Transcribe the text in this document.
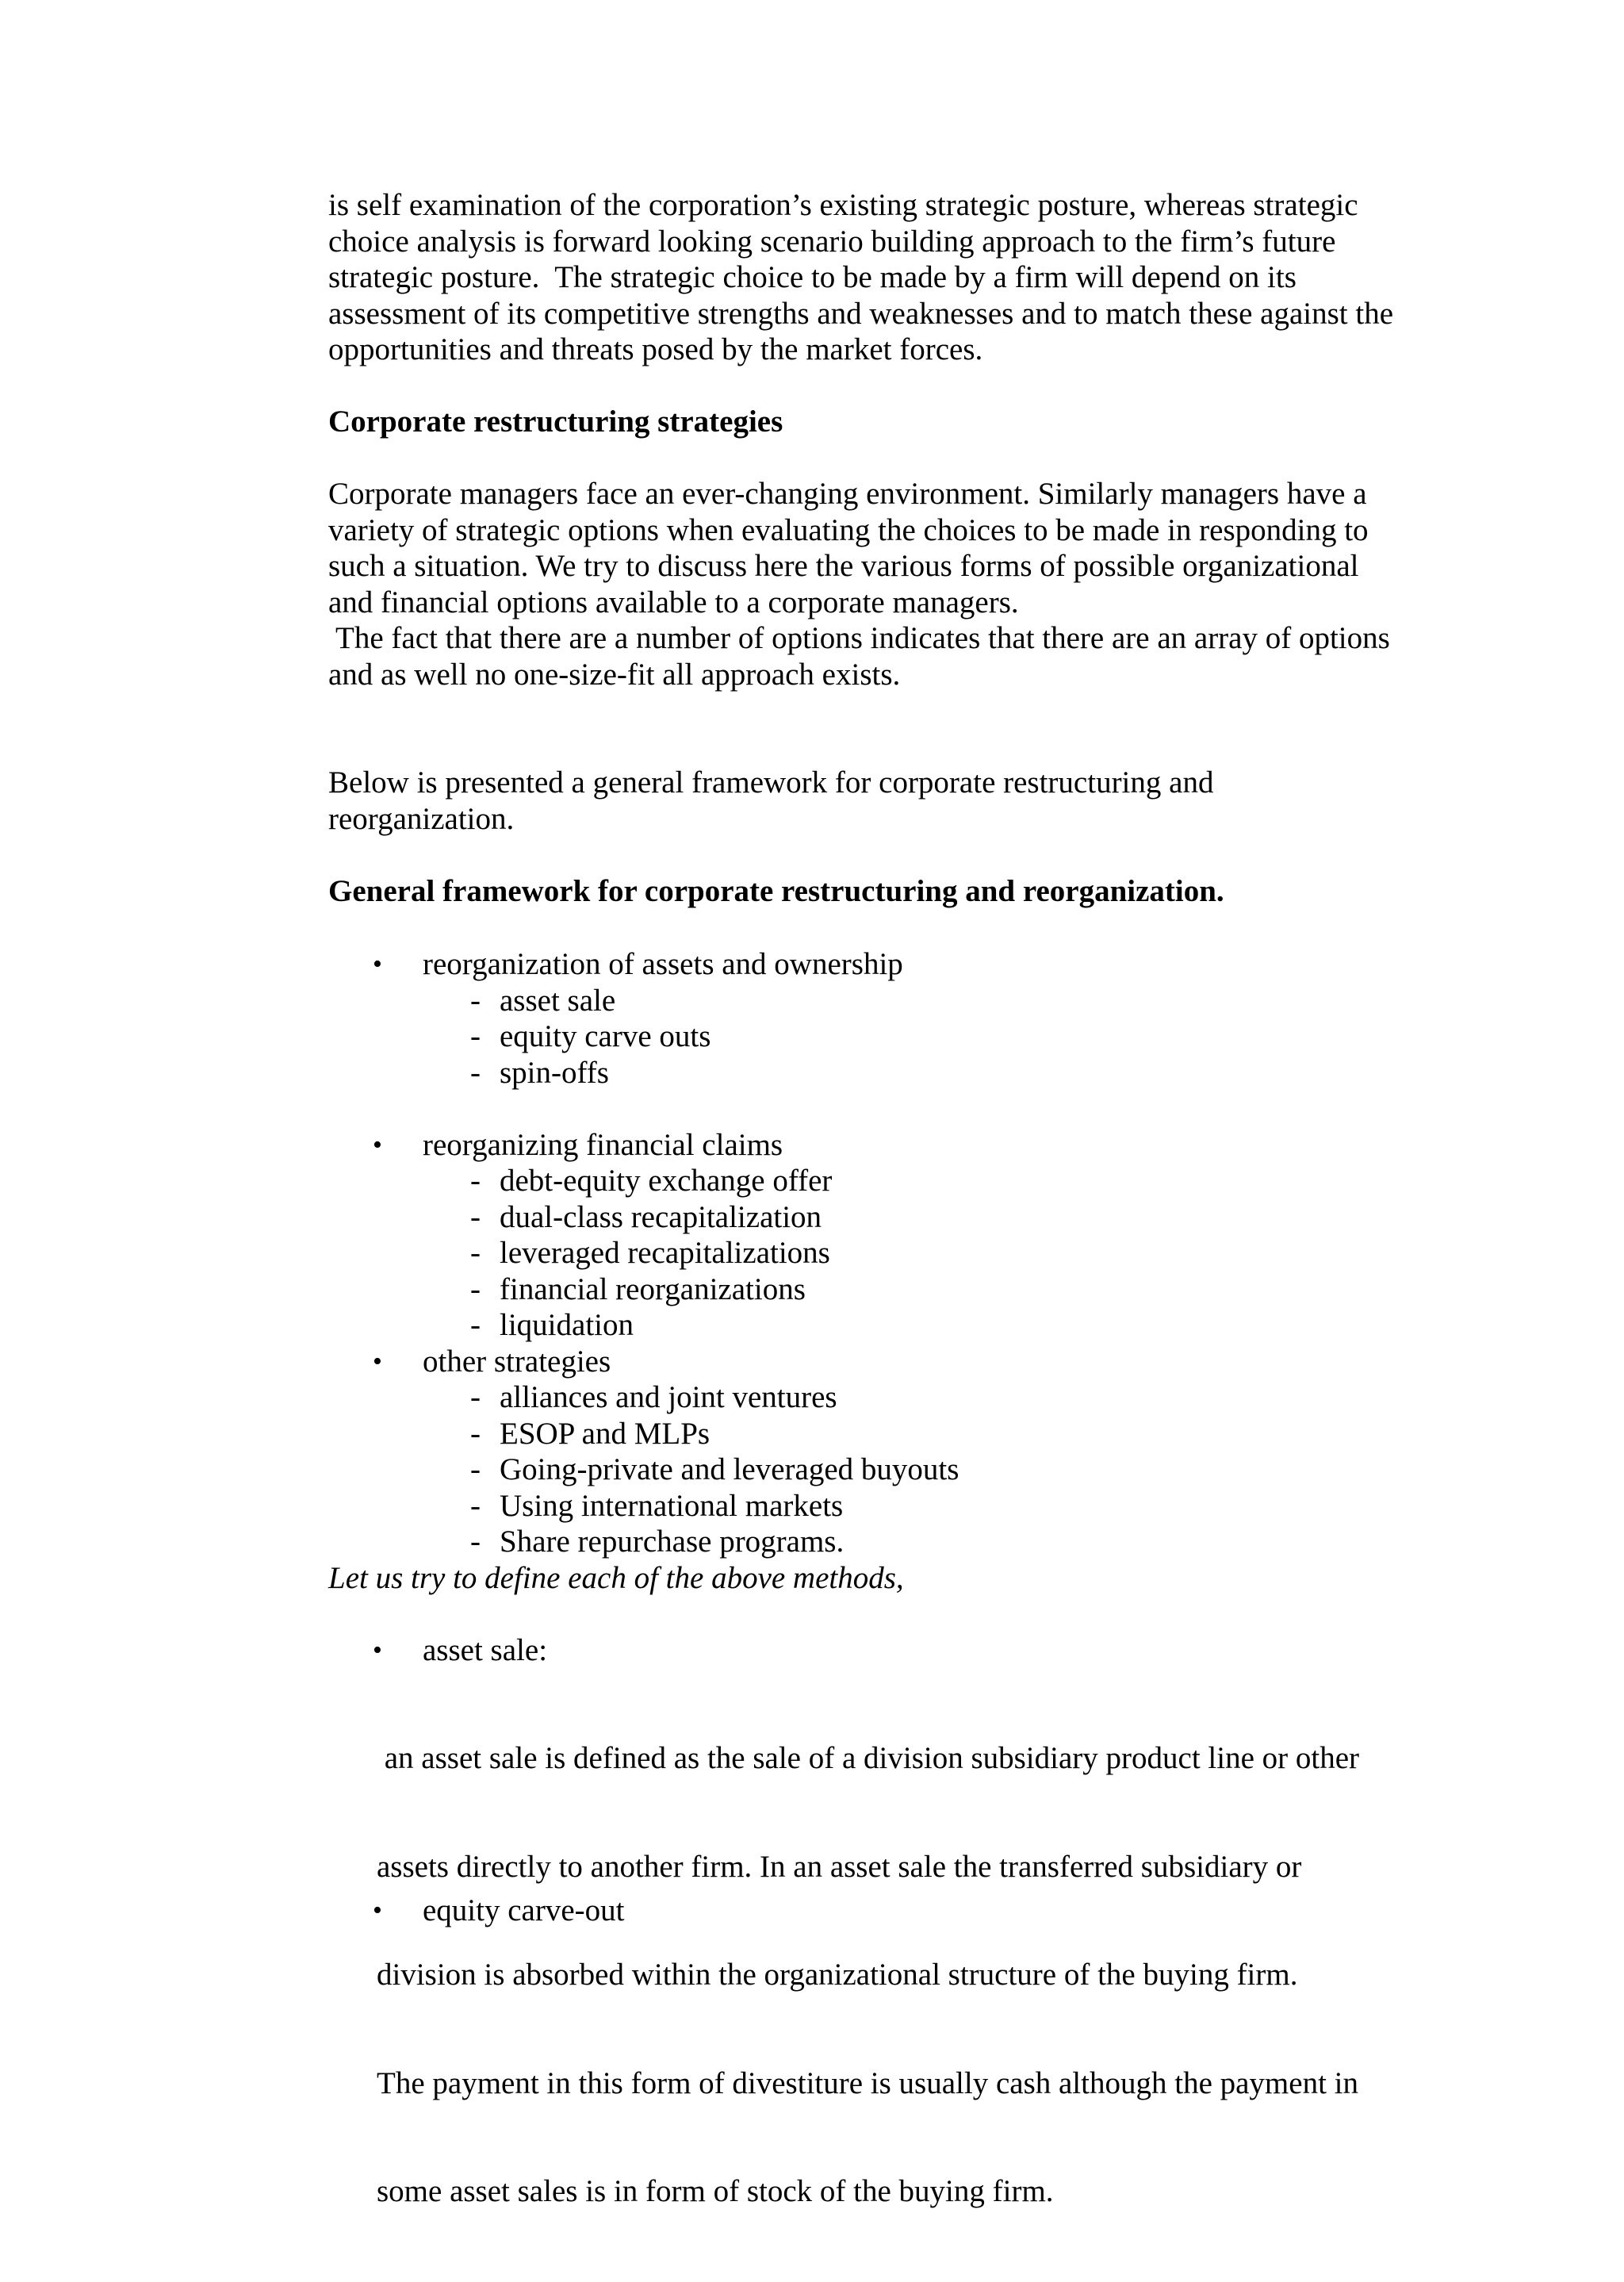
is self examination of the corporation’s existing strategic posture, whereas strategic
choice analysis is forward looking scenario building approach to the firm’s future
strategic posture.  The strategic choice to be made by a firm will depend on its
assessment of its competitive strengths and weaknesses and to match these against the
opportunities and threats posed by the market forces.
Corporate restructuring strategies
Corporate managers face an ever-changing environment. Similarly managers have a
variety of strategic options when evaluating the choices to be made in responding to
such a situation. We try to discuss here the various forms of possible organizational
and financial options available to a corporate managers.
The fact that there are a number of options indicates that there are an array of options
and as well no one-size-fit all approach exists.
Below is presented a general framework for corporate restructuring and
reorganization.
General framework for corporate restructuring and reorganization.
• reorganization of assets and ownership
- asset sale
- equity carve outs
- spin-offs
• reorganizing financial claims
- debt-equity exchange offer
- dual-class recapitalization
- leveraged recapitalizations
- financial reorganizations
- liquidation
• other strategies
- alliances and joint ventures
- ESOP and MLPs
- Going-private and leveraged buyouts
- Using international markets
- Share repurchase programs.
Let us try to define each of the above methods,
• asset sale:

an asset sale is defined as the sale of a division subsidiary product line or other

assets directly to another firm. In an asset sale the transferred subsidiary or

division is absorbed within the organizational structure of the buying firm.

The payment in this form of divestiture is usually cash although the payment in

some asset sales is in form of stock of the buying firm.

• equity carve-out
